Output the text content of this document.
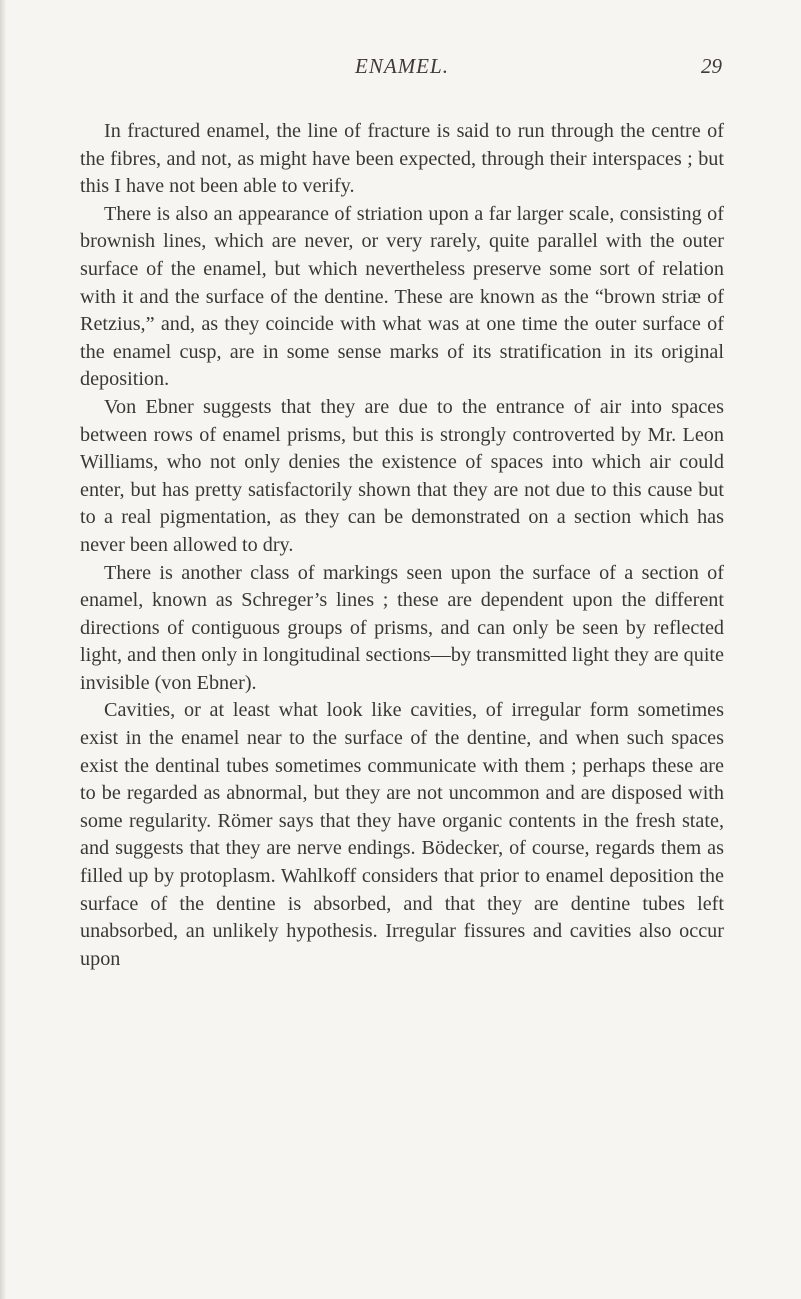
ENAMEL.	29

In fractured enamel, the line of fracture is said to run through the centre of the fibres, and not, as might have been expected, through their interspaces ; but this I have not been able to verify.

There is also an appearance of striation upon a far larger scale, consisting of brownish lines, which are never, or very rarely, quite parallel with the outer surface of the enamel, but which nevertheless preserve some sort of relation with it and the surface of the dentine. These are known as the “brown striæ of Retzius,” and, as they coincide with what was at one time the outer surface of the enamel cusp, are in some sense marks of its stratification in its original deposition.

Von Ebner suggests that they are due to the entrance of air into spaces between rows of enamel prisms, but this is strongly controverted by Mr. Leon Williams, who not only denies the existence of spaces into which air could enter, but has pretty satisfactorily shown that they are not due to this cause but to a real pigmentation, as they can be demonstrated on a section which has never been allowed to dry.

There is another class of markings seen upon the surface of a section of enamel, known as Schreger’s lines ; these are dependent upon the different directions of contiguous groups of prisms, and can only be seen by reflected light, and then only in longitudinal sections—by transmitted light they are quite invisible (von Ebner).

Cavities, or at least what look like cavities, of irregular form sometimes exist in the enamel near to the surface of the dentine, and when such spaces exist the dentinal tubes sometimes communicate with them ; perhaps these are to be regarded as abnormal, but they are not uncommon and are disposed with some regularity. Römer says that they have organic contents in the fresh state, and suggests that they are nerve endings. Bödecker, of course, regards them as filled up by protoplasm. Wahlkoff considers that prior to enamel deposition the surface of the dentine is absorbed, and that they are dentine tubes left unabsorbed, an unlikely hypothesis. Irregular fissures and cavities also occur upon
